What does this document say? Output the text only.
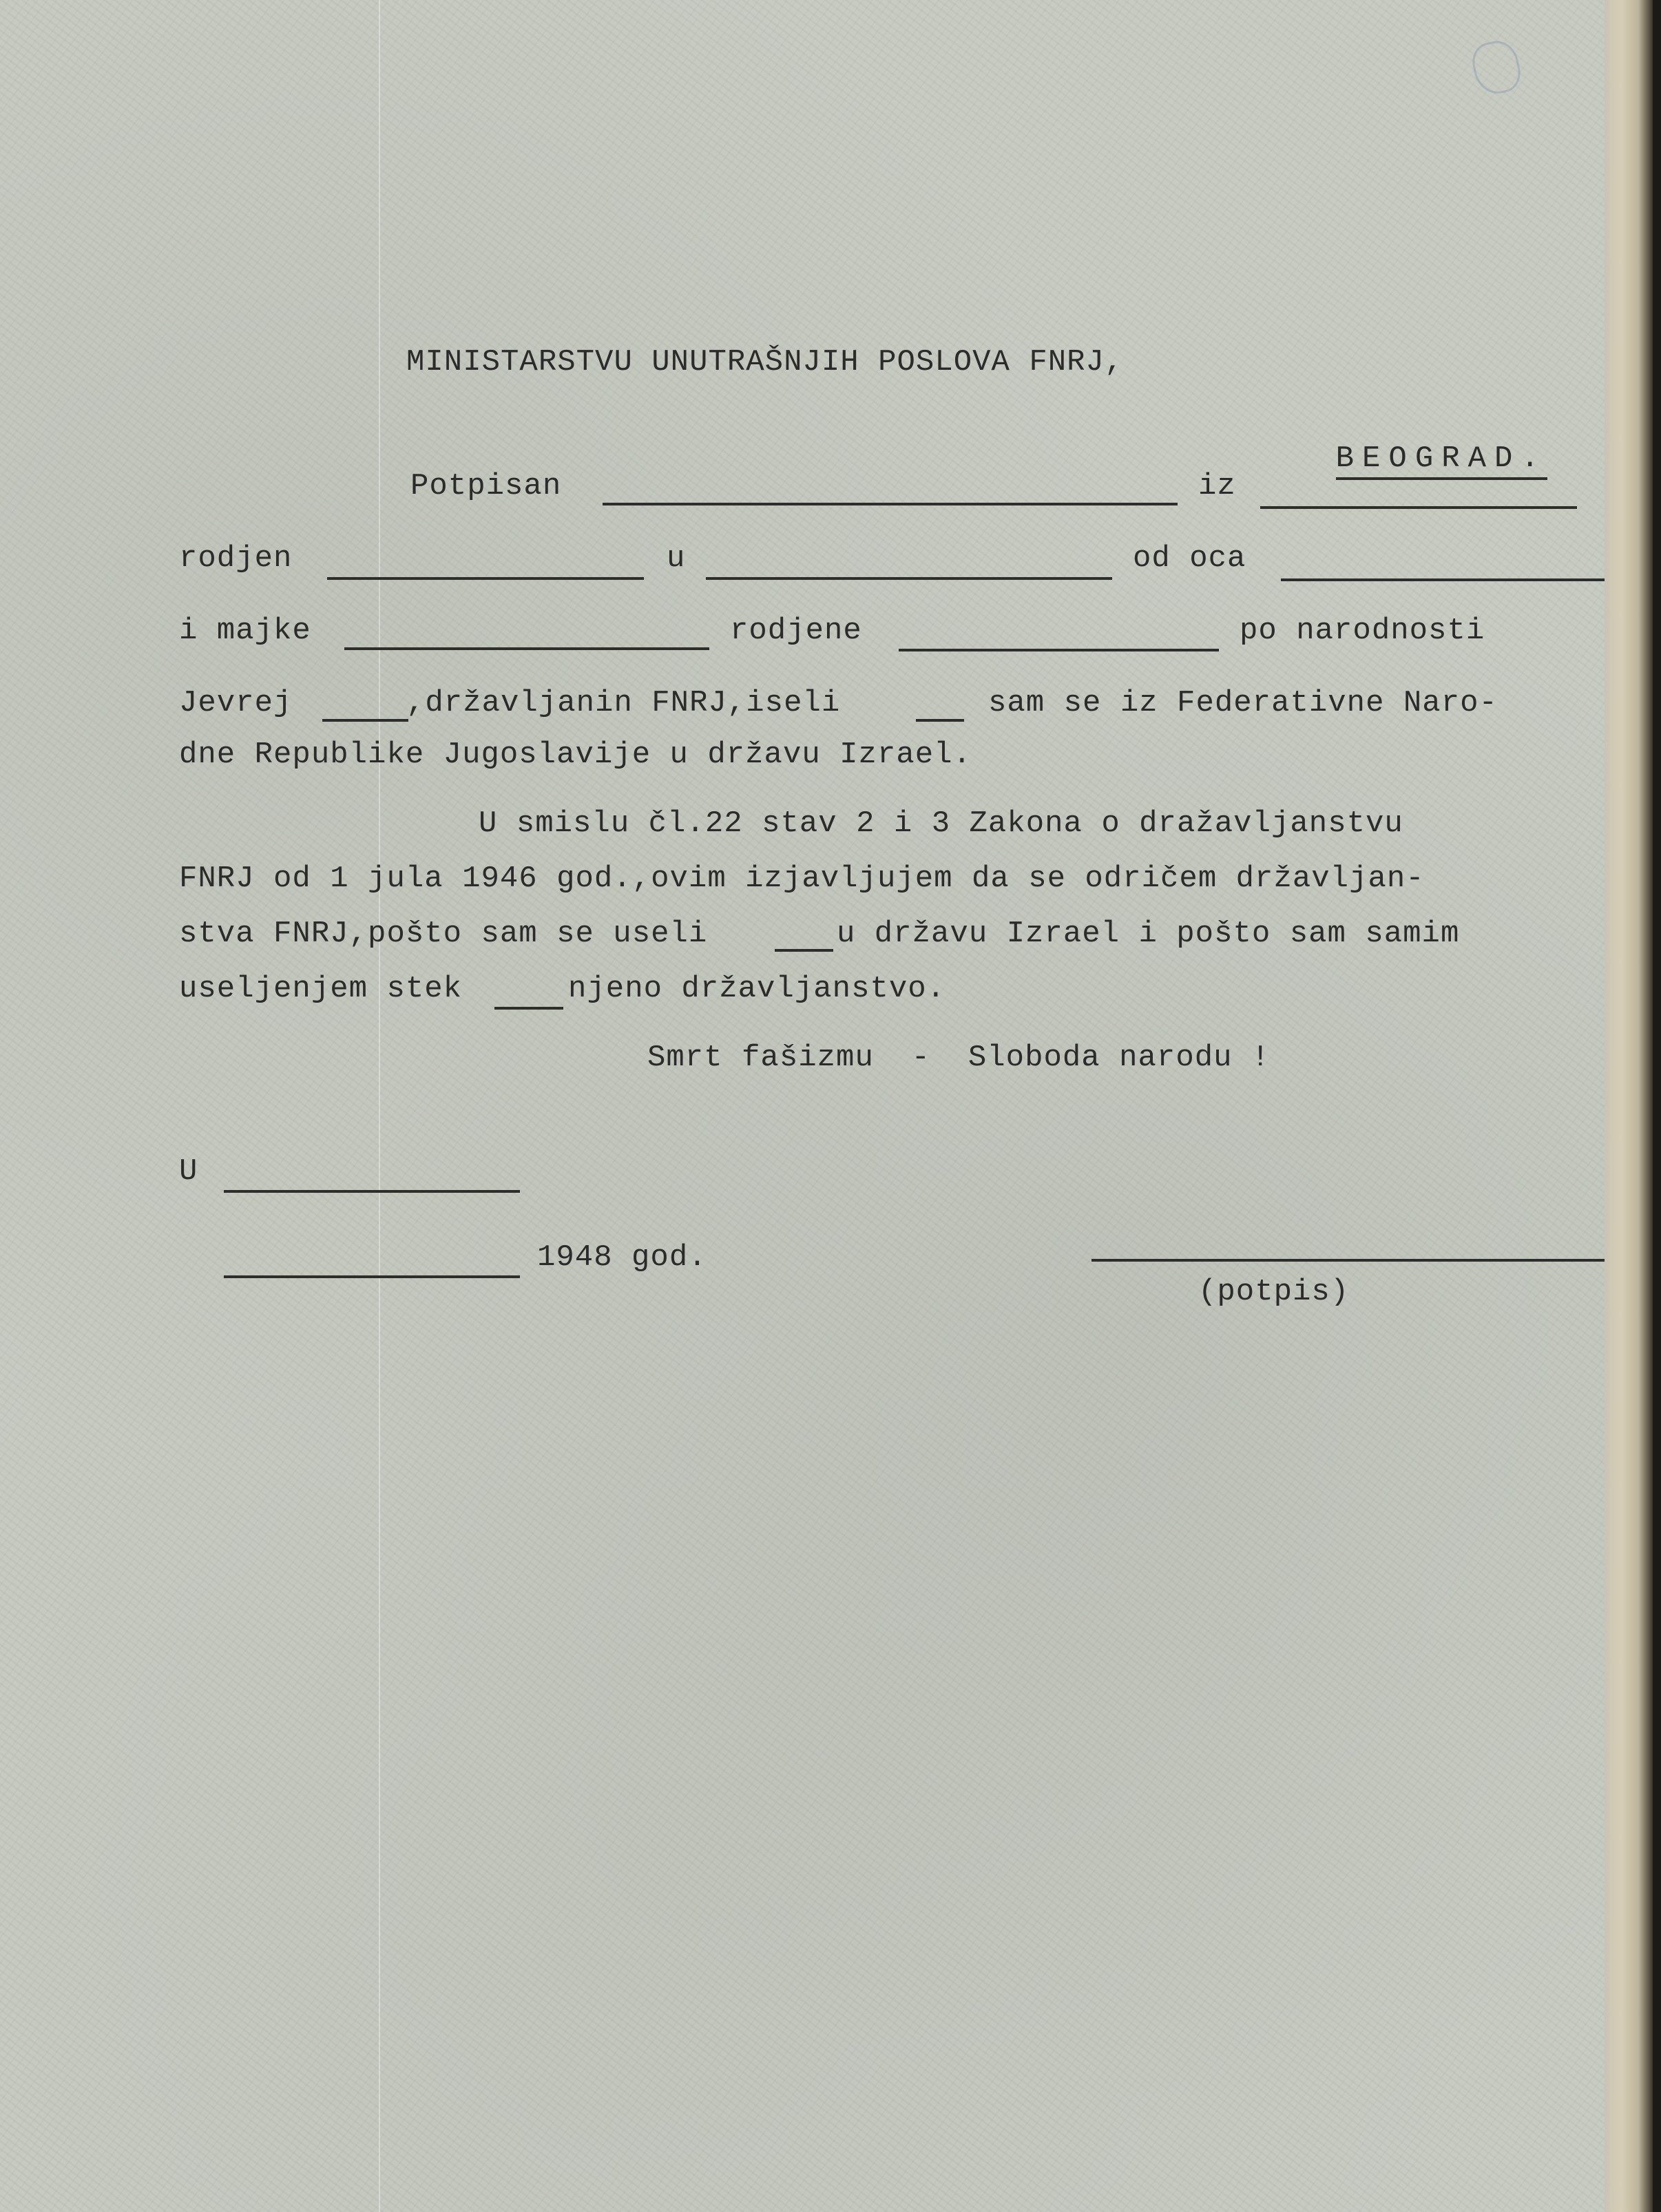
MINISTARSTVU UNUTRAŠNJIH POSLOVA FNRJ,

BEOGRAD.

Potpisan	iz
rodjen	u	od oca
i majke	rodjene	po narodnosti
Jevrej	,državljanin FNRJ,iseli	sam se iz Federativne Naro-
dne Republike Jugoslavije u državu Izrael.
U smislu čl.22 stav 2 i 3 Zakona o dražavljanstvu
FNRJ od 1 jula 1946 god.,ovim izjavljujem da se odričem državljan-
stva FNRJ,pošto sam se useli	u državu Izrael i pošto sam samim
useljenjem stek	njeno državljanstvo.
Smrt fašizmu  -  Sloboda narodu !
U
1948 god.
(potpis)
